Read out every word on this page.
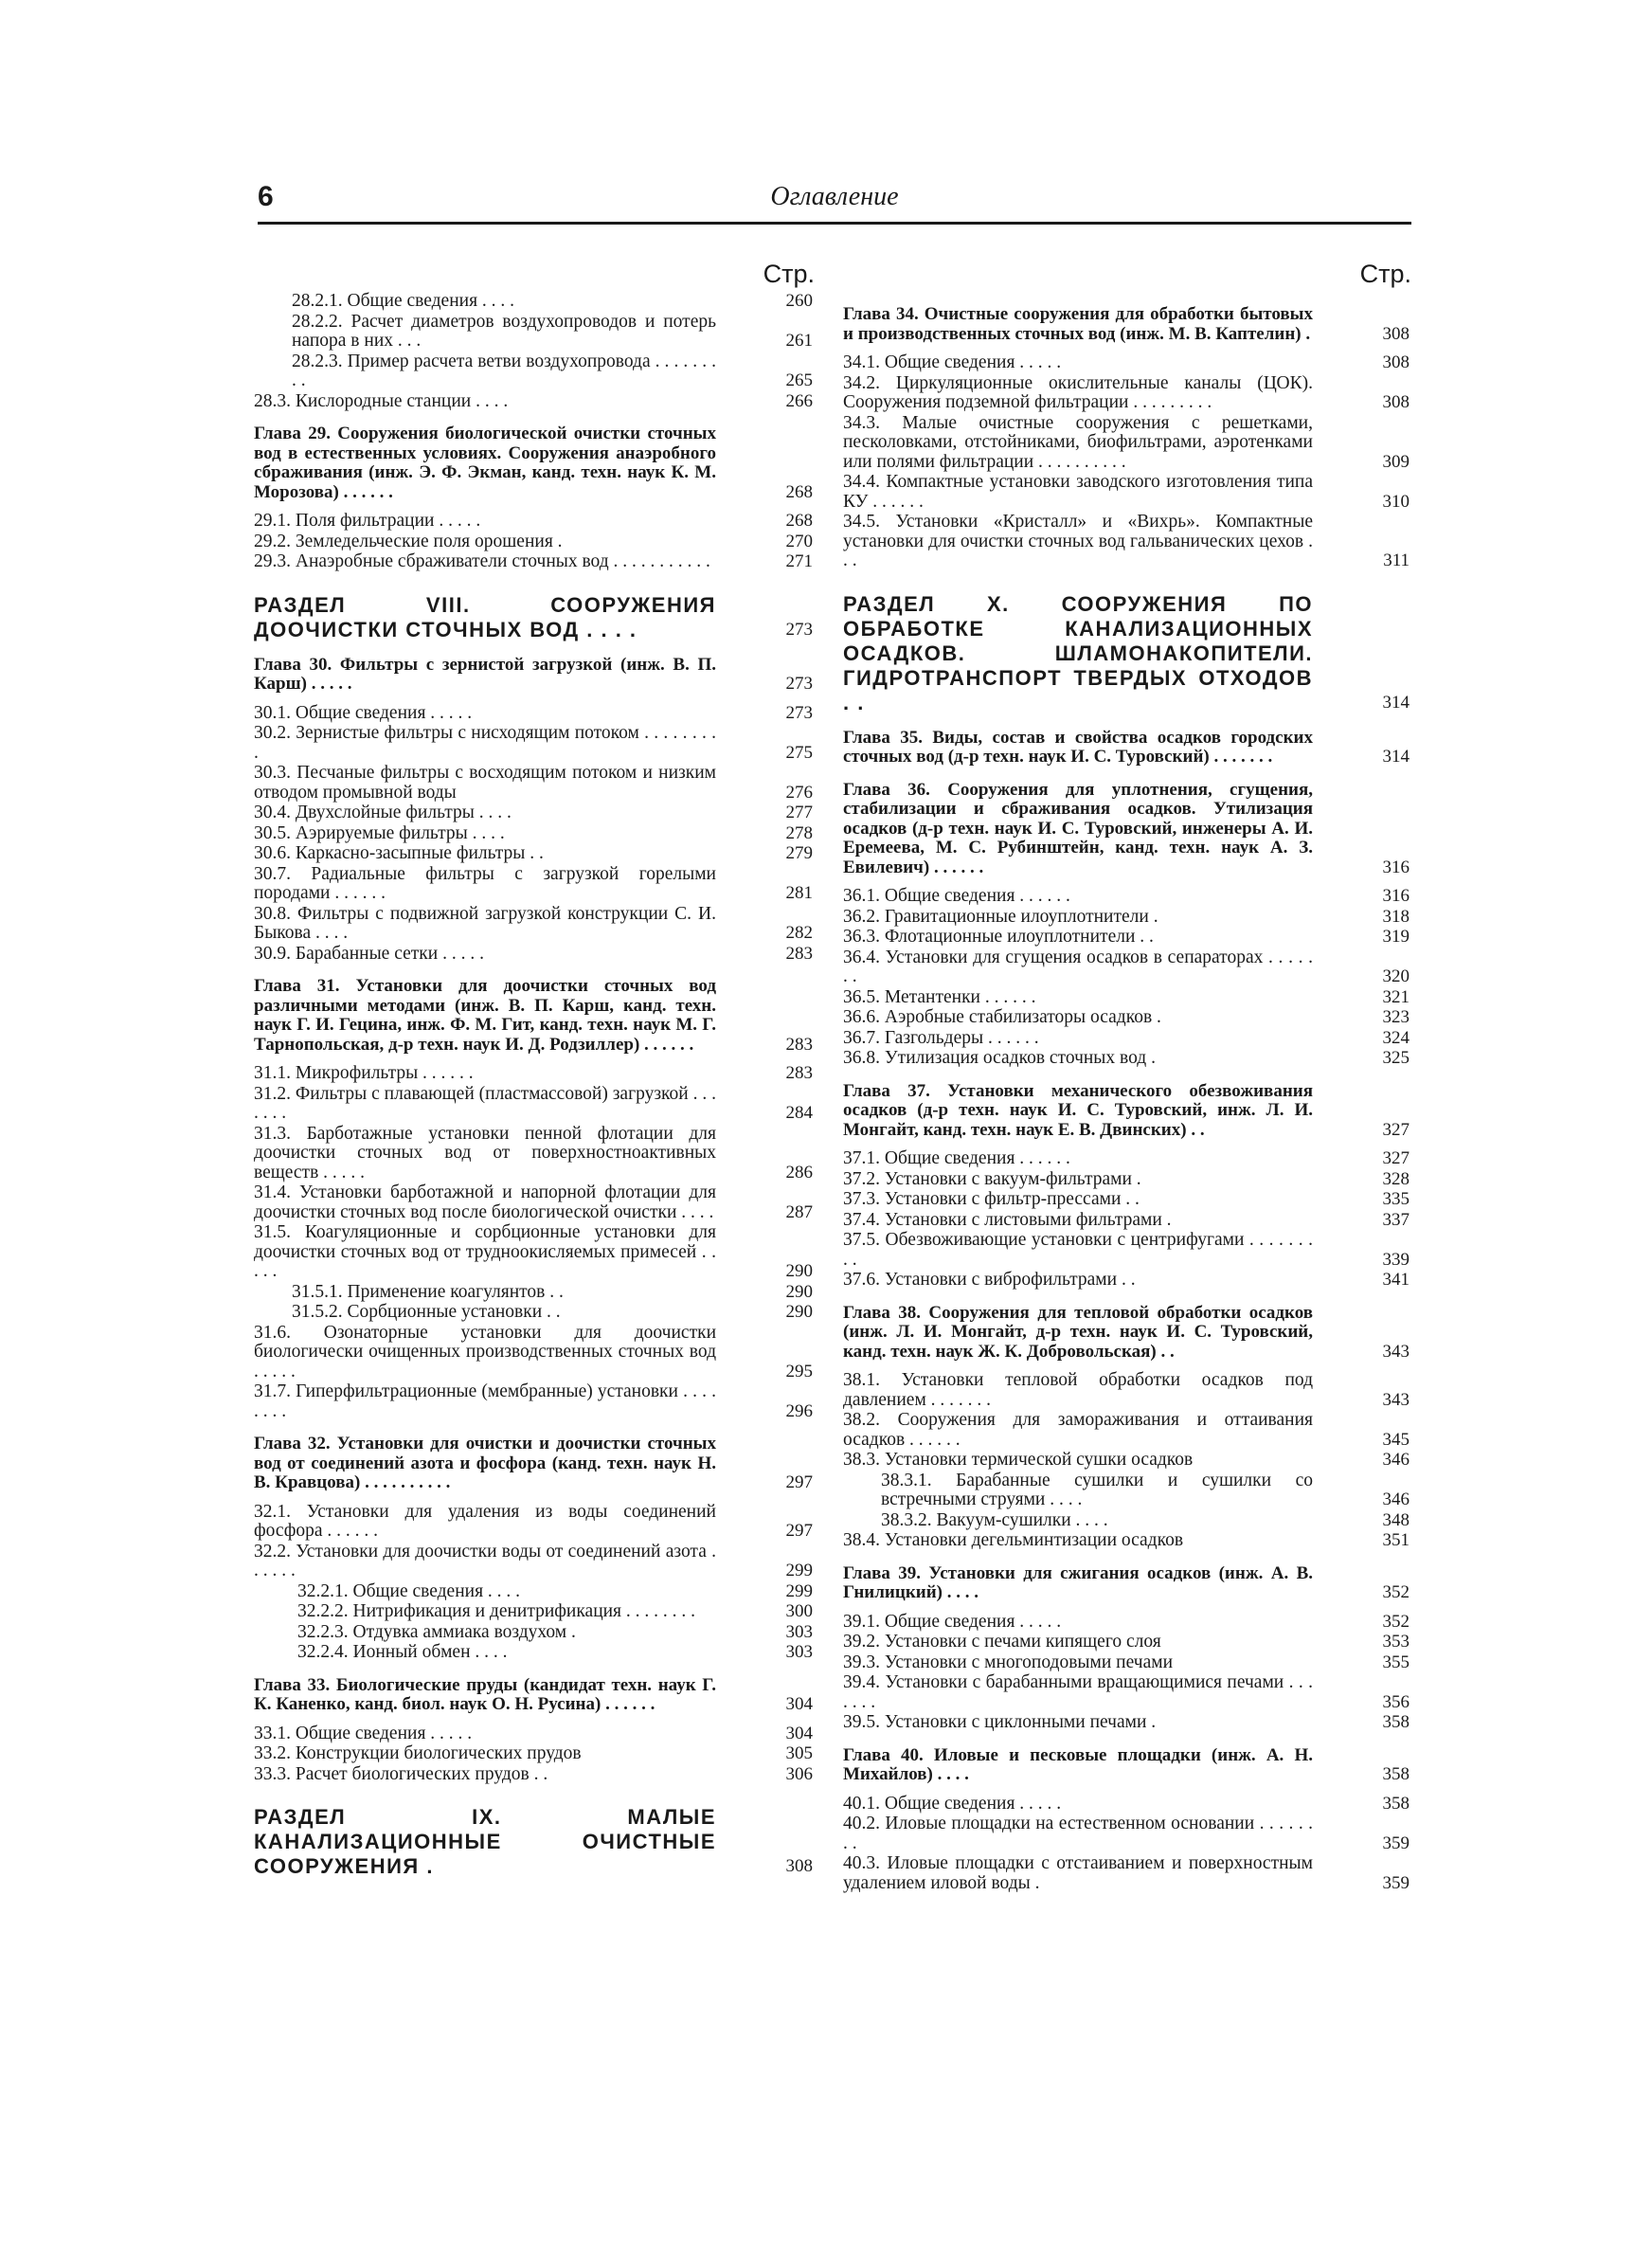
6	Оглавление
Стр.
28.2.1. Общие сведения . . . .	260
28.2.2. Расчет диаметров воздухопроводов и потерь напора в них . . .	261
28.2.3. Пример расчета ветви воздухопровода . . . . . . . . .	265
28.3. Кислородные станции . . . .	266
Глава 29. Сооружения биологической очистки сточных вод в естественных условиях. Сооружения анаэробного сбраживания (инж. Э. Ф. Экман, канд. техн. наук К. М. Морозова) . . . . . .	268
29.1. Поля фильтрации . . . . .	268
29.2. Земледельческие поля орошения .	270
29.3. Анаэробные сбраживатели сточных вод . . . . . . . . . . .	271
РАЗДЕЛ VIII. СООРУЖЕНИЯ ДООЧИСТКИ СТОЧНЫХ ВОД . . . .	273
Глава 30. Фильтры с зернистой загрузкой (инж. В. П. Карш) . . . . .	273
30.1. Общие сведения . . . . .	273
30.2. Зернистые фильтры с нисходящим потоком . . . . . . . . .	275
30.3. Песчаные фильтры с восходящим потоком и низким отводом промывной воды	276
30.4. Двухслойные фильтры . . . .	277
30.5. Аэрируемые фильтры . . . .	278
30.6. Каркасно-засыпные фильтры . .	279
30.7. Радиальные фильтры с загрузкой горелыми породами . . . . . .	281
30.8. Фильтры с подвижной загрузкой конструкции С. И. Быкова . . . .	282
30.9. Барабанные сетки . . . . .	283
Глава 31. Установки для доочистки сточных вод различными методами (инж. В. П. Карш, канд. техн. наук Г. И. Гецина, инж. Ф. М. Гит, канд. техн. наук М. Г. Тарнопольская, д-р техн. наук И. Д. Родзиллер) . . . . . .	283
31.1. Микрофильтры . . . . . .	283
31.2. Фильтры с плавающей (пластмассовой) загрузкой . . . . . . .	284
31.3. Барботажные установки пенной флотации для доочистки сточных вод от поверхностноактивных веществ . . . . .	286
31.4. Установки барботажной и напорной флотации для доочистки сточных вод после биологической очистки . . . .	287
31.5. Коагуляционные и сорбционные установки для доочистки сточных вод от трудноокисляемых примесей . . . . .	290
31.5.1. Применение коагулянтов . .	290
31.5.2. Сорбционные установки . .	290
31.6. Озонаторные установки для доочистки биологически очищенных производственных сточных вод . . . . .	295
31.7. Гиперфильтрационные (мембранные) установки . . . . . . . .	296
Глава 32. Установки для очистки и доочистки сточных вод от соединений азота и фосфора (канд. техн. наук Н. В. Кравцова) . . . . . . . . . .	297
32.1. Установки для удаления из воды соединений фосфора . . . . . .	297
32.2. Установки для доочистки воды от соединений азота . . . . . .	299
32.2.1. Общие сведения . . . .	299
32.2.2. Нитрификация и денитрификация . . . . . . . .	300
32.2.3. Отдувка аммиака воздухом .	303
32.2.4. Ионный обмен . . . .	303
Глава 33. Биологические пруды (кандидат техн. наук Г. К. Каненко, канд. биол. наук О. Н. Русина) . . . . . .	304
33.1. Общие сведения . . . . .	304
33.2. Конструкции биологических прудов	305
33.3. Расчет биологических прудов . .	306
РАЗДЕЛ IX. МАЛЫЕ КАНАЛИЗАЦИОННЫЕ ОЧИСТНЫЕ СООРУЖЕНИЯ .	308
Стр.
Глава 34. Очистные сооружения для обработки бытовых и производственных сточных вод (инж. М. В. Каптелин) .	308
34.1. Общие сведения . . . . .	308
34.2. Циркуляционные окислительные каналы (ЦОК). Сооружения подземной фильтрации . . . . . . . . .	308
34.3. Малые очистные сооружения с решетками, песколовками, отстойниками, биофильтрами, аэротенками или полями фильтрации . . . . . . . . . .	309
34.4. Компактные установки заводского изготовления типа КУ . . . . . .	310
34.5. Установки «Кристалл» и «Вихрь». Компактные установки для очистки сточных вод гальванических цехов . . .	311
РАЗДЕЛ X. СООРУЖЕНИЯ ПО ОБРАБОТКЕ КАНАЛИЗАЦИОННЫХ ОСАДКОВ. ШЛАМОНАКОПИТЕЛИ. ГИДРОТРАНСПОРТ ТВЕРДЫХ ОТХОДОВ . .	314
Глава 35. Виды, состав и свойства осадков городских сточных вод (д-р техн. наук И. С. Туровский) . . . . . . .	314
Глава 36. Сооружения для уплотнения, сгущения, стабилизации и сбраживания осадков. Утилизация осадков (д-р техн. наук И. С. Туровский, инженеры А. И. Еремеева, М. С. Рубинштейн, канд. техн. наук А. З. Евилевич) . . . . . .	316
36.1. Общие сведения . . . . . .	316
36.2. Гравитационные илоуплотнители .	318
36.3. Флотационные илоуплотнители . .	319
36.4. Установки для сгущения осадков в сепараторах . . . . . . .	320
36.5. Метантенки . . . . . .	321
36.6. Аэробные стабилизаторы осадков .	323
36.7. Газгольдеры . . . . . .	324
36.8. Утилизация осадков сточных вод .	325
Глава 37. Установки механического обезвоживания осадков (д-р техн. наук И. С. Туровский, инж. Л. И. Монгайт, канд. техн. наук Е. В. Двинских) . .	327
37.1. Общие сведения . . . . . .	327
37.2. Установки с вакуум-фильтрами .	328
37.3. Установки с фильтр-прессами . .	335
37.4. Установки с листовыми фильтрами .	337
37.5. Обезвоживающие установки с центрифугами . . . . . . . . .	339
37.6. Установки с виброфильтрами . .	341
Глава 38. Сооружения для тепловой обработки осадков (инж. Л. И. Монгайт, д-р техн. наук И. С. Туровский, канд. техн. наук Ж. К. Добровольская) . .	343
38.1. Установки тепловой обработки осадков под давлением . . . . . . .	343
38.2. Сооружения для замораживания и оттаивания осадков . . . . . .	345
38.3. Установки термической сушки осадков	346
38.3.1. Барабанные сушилки и сушилки со встречными струями . . . .	346
38.3.2. Вакуум-сушилки . . . .	348
38.4. Установки дегельминтизации осадков	351
Глава 39. Установки для сжигания осадков (инж. А. В. Гнилицкий) . . . .	352
39.1. Общие сведения . . . . .	352
39.2. Установки с печами кипящего слоя	353
39.3. Установки с многоподовыми печами	355
39.4. Установки с барабанными вращающимися печами . . . . . . .	356
39.5. Установки с циклонными печами .	358
Глава 40. Иловые и песковые площадки (инж. А. Н. Михайлов) . . . .	358
40.1. Общие сведения . . . . .	358
40.2. Иловые площадки на естественном основании . . . . . . . .	359
40.3. Иловые площадки с отстаиванием и поверхностным удалением иловой воды .	359
